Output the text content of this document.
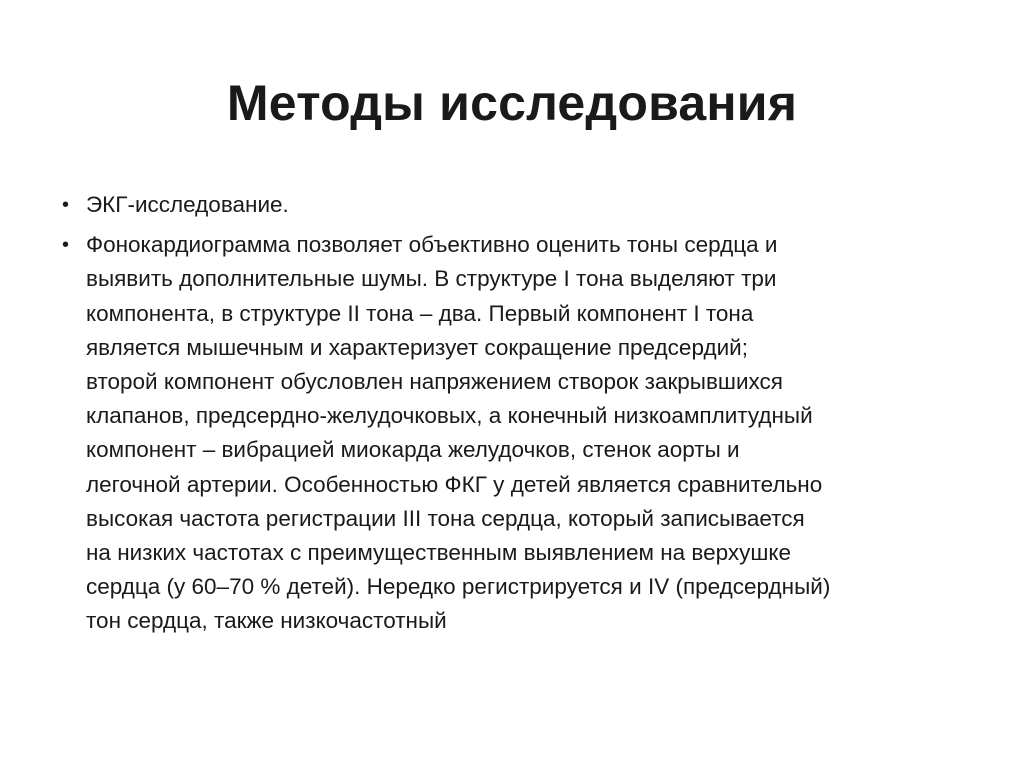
Методы исследования
• ЭКГ-исследование.
• Фонокардиограмма позволяет объективно оценить тоны сердца и
выявить дополнительные шумы. В структуре I тона выделяют три
компонента, в структуре II тона – два. Первый компонент I тона
является мышечным и характеризует сокращение предсердий;
второй компонент обусловлен напряжением створок закрывшихся
клапанов, предсердно-желудочковых, а конечный низкоамплитудный
компонент – вибрацией миокарда желудочков, стенок аорты и
легочной артерии. Особенностью ФКГ у детей является сравнительно
высокая частота регистрации III тона сердца, который записывается
на низких частотах с преимущественным выявлением на верхушке
сердца (у 60–70 % детей). Нередко регистрируется и IV (предсердный)
тон сердца, также низкочастотный
